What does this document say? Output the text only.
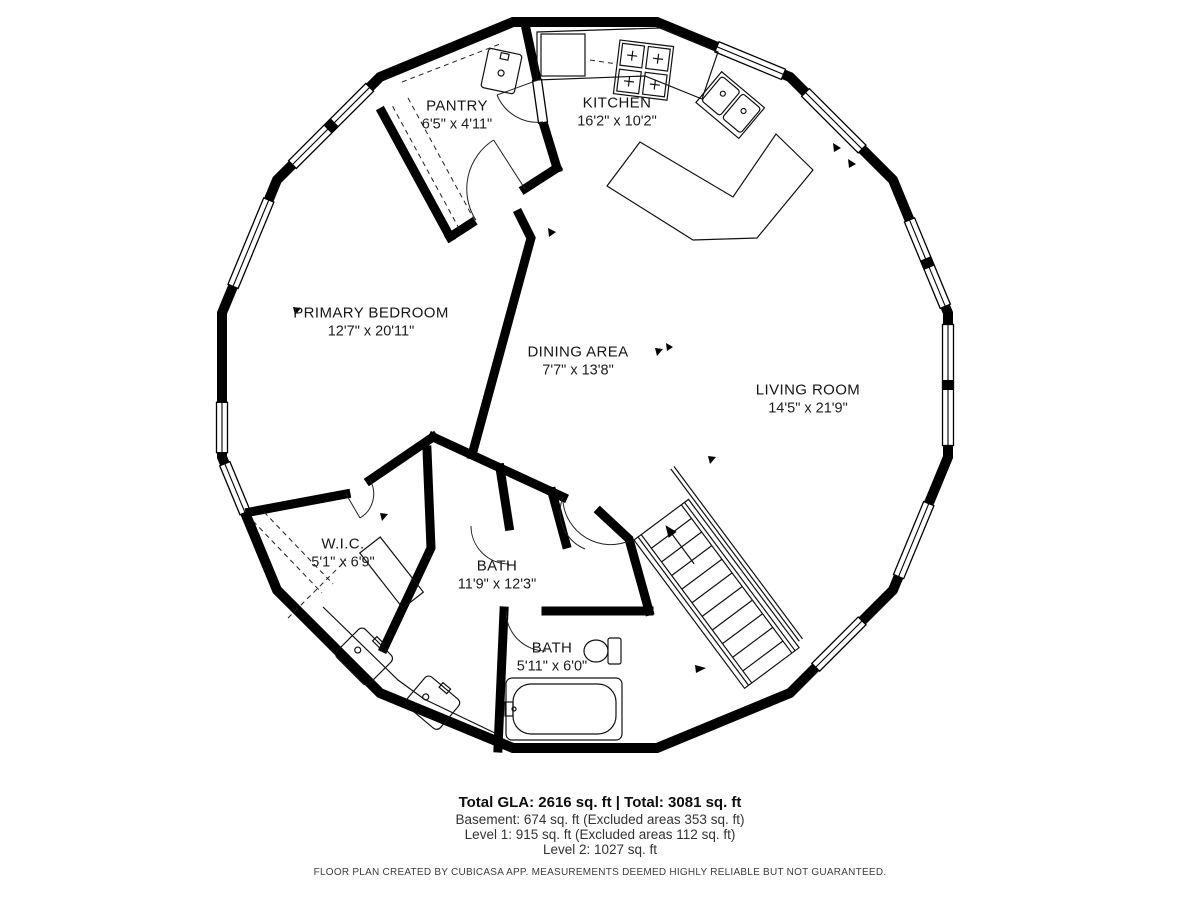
PANTRY
6'5" x 4'11"
KITCHEN
16'2" x 10'2"
PRIMARY BEDROOM
12'7" x 20'11"
DINING AREA
7'7" x 13'8"
LIVING ROOM
14'5" x 21'9"
W.I.C.
5'1" x 6'9"	BATH
11'9" x 12'3"
BATH
5'11" x 6'0"
Total GLA: 2616 sq. ft | Total: 3081 sq. ft
Basement: 674 sq. ft (Excluded areas 353 sq. ft)
Level 1: 915 sq. ft (Excluded areas 112 sq. ft)
Level 2: 1027 sq. ft
FLOOR PLAN CREATED BY CUBICASA APP. MEASUREMENTS DEEMED HIGHLY RELIABLE BUT NOT GUARANTEED.
